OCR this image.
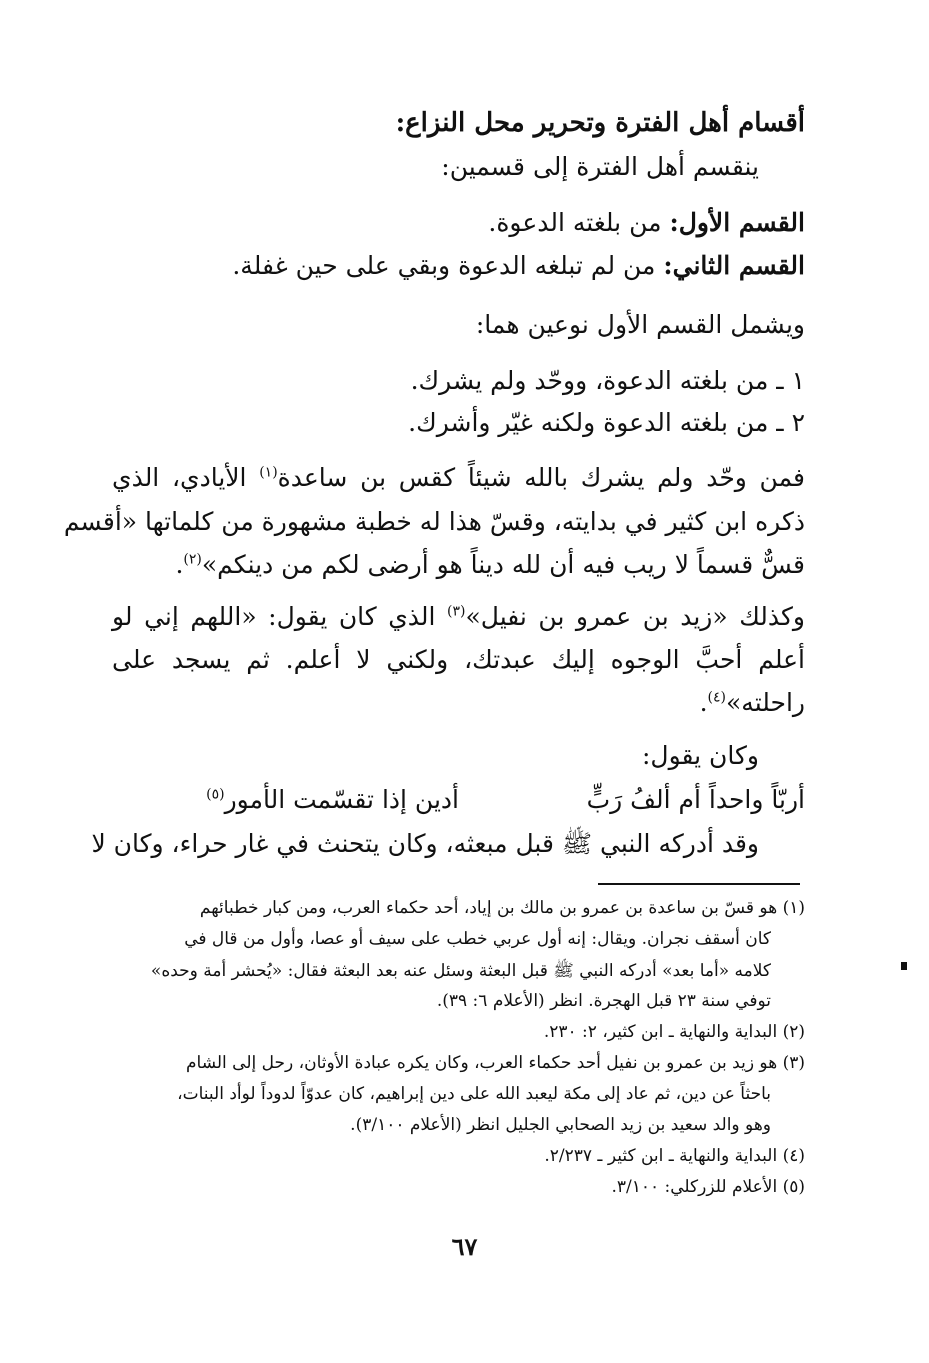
أقسام أهل الفترة وتحرير محل النزاع:
ينقسم أهل الفترة إلى قسمين:
القسم الأول: من بلغته الدعوة.
القسم الثاني: من لم تبلغه الدعوة وبقي على حين غفلة.
ويشمل القسم الأول نوعين هما:
١ ـ من بلغته الدعوة، ووحّد ولم يشرك.
٢ ـ من بلغته الدعوة ولكنه غيّر وأشرك.
فمن وحّد ولم يشرك بالله شيئاً كقس بن ساعدة$^{(١)}$ الأيادي، الذي
ذكره ابن كثير في بدايته، وقسّ هذا له خطبة مشهورة من كلماتها «أقسم
قسٌّ قسماً لا ريب فيه أن لله ديناً هو أرضى لكم من دينكم»$^{(٢)}$.
وكذلك «زيد بن عمرو بن نفيل»$^{(٣)}$ الذي كان يقول: «اللهم إني لو
أعلم أحبَّ الوجوه إليك عبدتك، ولكني لا أعلم. ثم يسجد على
راحلته»$^{(٤)}$.
وكان يقول:
أربّاً واحداً أم ألفُ رَبٍّ
أدين إذا تقسّمت الأمور$^{(٥)}$
وقد أدركه النبي ﷺ قبل مبعثه، وكان يتحنث في غار حراء، وكان لا
(١) هو قسّ بن ساعدة بن عمرو بن مالك بن إياد، أحد حكماء العرب، ومن كبار خطبائهم
كان أسقف نجران. ويقال: إنه أول عربي خطب على سيف أو عصا، وأول من قال في
كلامه «أما بعد» أدركه النبي ﷺ قبل البعثة وسئل عنه بعد البعثة فقال: «يُحشر أمة وحده»
توفي سنة ٢٣ قبل الهجرة. انظر (الأعلام ٦: ٣٩).
(٢) البداية والنهاية ـ ابن كثير، ٢: ٢٣٠.
(٣) هو زيد بن عمرو بن نفيل أحد حكماء العرب، وكان يكره عبادة الأوثان، رحل إلى الشام
باحثاً عن دين، ثم عاد إلى مكة ليعبد الله على دين إبراهيم، كان عدوّاً لدوداً لوأد البنات،
وهو والد سعيد بن زيد الصحابي الجليل انظر (الأعلام ٣/١٠٠).
(٤) البداية والنهاية ـ ابن كثير ـ ٢/٢٣٧.
(٥) الأعلام للزركلي: ٣/١٠٠.
٦٧
